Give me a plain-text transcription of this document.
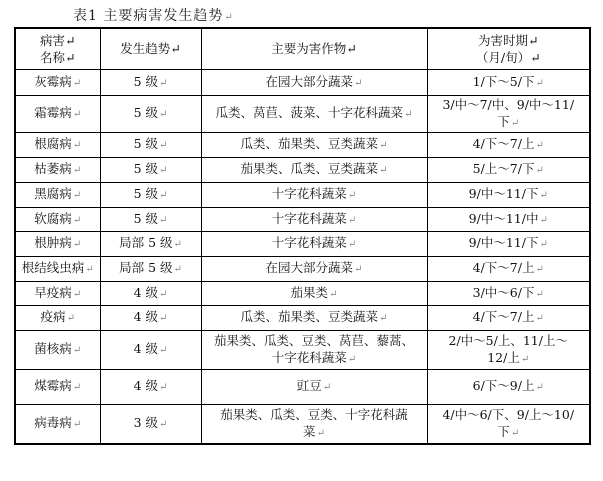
表1 主要病害发生趋势↵
病害↵
名称↵	发生趋势↵	主要为害作物↵	为害时期↵
（月/旬）↵
灰霉病↵	5 级↵	在园大部分蔬菜↵	1/下～5/下↵
霜霉病↵	5 级↵	瓜类、莴苣、菠菜、十字花科蔬菜↵	3/中～7/中、9/中～11/
下↵
根腐病↵	5 级↵	瓜类、茄果类、豆类蔬菜↵	4/下～7/上↵
枯萎病↵	5 级↵	茄果类、瓜类、豆类蔬菜↵	5/上～7/下↵
黑腐病↵	5 级↵	十字花科蔬菜↵	9/中～11/下↵
软腐病↵	5 级↵	十字花科蔬菜↵	9/中～11/中↵
根肿病↵	局部 5 级↵	十字花科蔬菜↵	9/中～11/下↵
根结线虫病↵	局部 5 级↵	在园大部分蔬菜↵	4/下～7/上↵
早疫病↵	4 级↵	茄果类↵	3/中～6/下↵
疫病↵	4 级↵	瓜类、茄果类、豆类蔬菜↵	4/下～7/上↵
菌核病↵	4 级↵	茄果类、瓜类、豆类、莴苣、藜蒿、
十字花科蔬菜↵	2/中～5/上、11/上～
12/上↵
煤霉病↵	4 级↵	豇豆↵	6/下～9/上↵
病毒病↵	3 级↵	茄果类、瓜类、豆类、十字花科蔬
菜↵	4/中～6/下、9/上～10/
下↵
